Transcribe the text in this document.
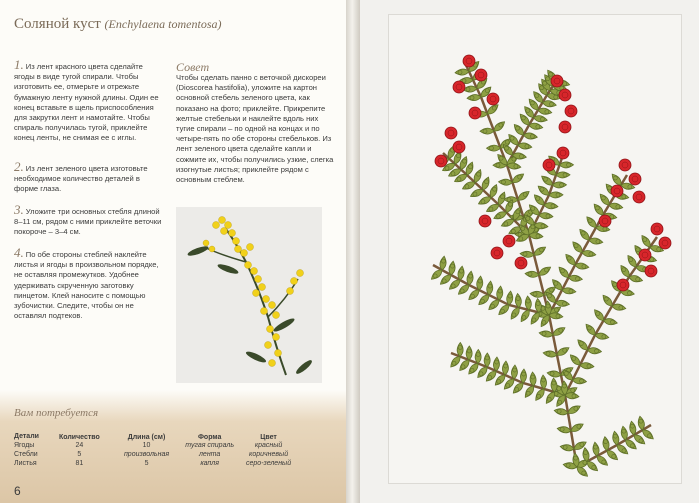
Соляной куст (Enchylaena tomentosa)
1. Из лент красного цвета сделайте ягоды в виде тугой спирали. Чтобы изготовить ее, отмерьте и отрежьте бумажную ленту нужной длины. Один ее конец вставьте в щель приспособления для закрутки лент и намотайте. Чтобы спираль получилась тугой, приклейте конец ленты, не снимая ее с иглы.
2. Из лент зеленого цвета изготовьте необходимое количество деталей в форме глаза.
3. Уложите три основных стебля длиной 8–11 см, рядом с ними приклейте веточки покороче – 3–4 см.
4. По обе стороны стеблей наклейте листья и ягоды в произвольном порядке, не оставляя промежутков. Удобнее удерживать скрученную заготовку пинцетом. Клей наносите с помощью зубочистки. Следите, чтобы он не оставлял подтеков.
Совет
Чтобы сделать панно с веточкой дискореи (Dioscorea hastifolia), уложите на картон основной стебель зеленого цвета, как показано на фото; приклейте. Прикрепите желтые стебельки и наклейте вдоль них тугие спирали – по одной на концах и по четыре-пять по обе стороны стебельков. Из лент зеленого цвета сделайте капли и сожмите их, чтобы получились узкие, слегка изогнутые листья; приклейте рядом с основным стеблем.
Вам потребуется
Детали	Количество	Длина (см)	Форма	Цвет
Ягоды	24	10	тугая спираль	красный
Стебли	5	произвольная	лента	коричневый
Листья	81	5	капля	серо-зеленый
6
